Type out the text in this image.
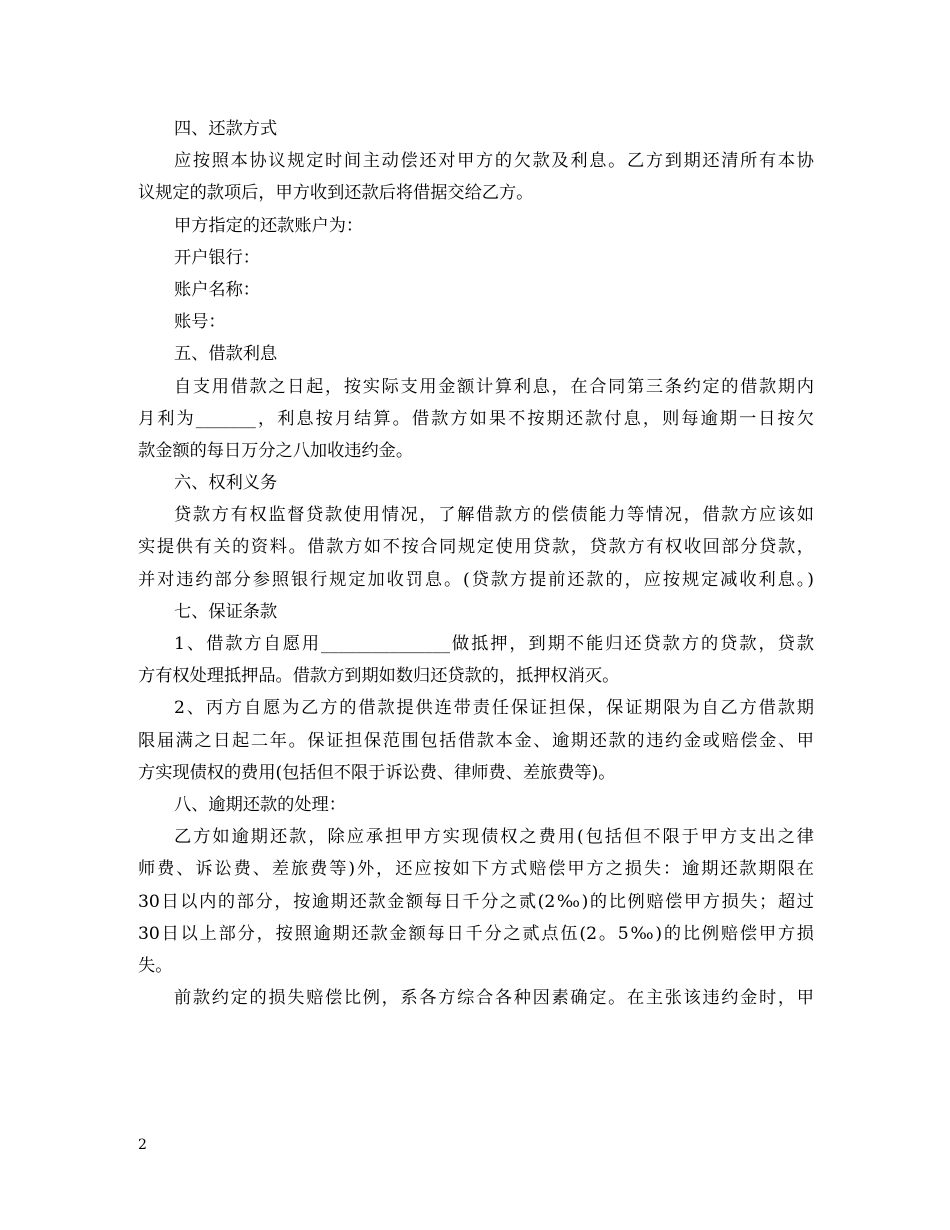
四、还款方式
应按照本协议规定时间主动偿还对甲方的欠款及利息。乙方到期还清所有本协
议规定的款项后，甲方收到还款后将借据交给乙方。
甲方指定的还款账户为：
开户银行：
账户名称：
账号：
五、借款利息
自支用借款之日起，按实际支用金额计算利息，在合同第三条约定的借款期内
月利为_______，利息按月结算。借款方如果不按期还款付息，则每逾期一日按欠
款金额的每日万分之八加收违约金。
六、权利义务
贷款方有权监督贷款使用情况，了解借款方的偿债能力等情况，借款方应该如
实提供有关的资料。借款方如不按合同规定使用贷款，贷款方有权收回部分贷款，
并对违约部分参照银行规定加收罚息。(贷款方提前还款的，应按规定减收利息。)
七、保证条款
1、借款方自愿用_______________做抵押，到期不能归还贷款方的贷款，贷款
方有权处理抵押品。借款方到期如数归还贷款的，抵押权消灭。
2、丙方自愿为乙方的借款提供连带责任保证担保，保证期限为自乙方借款期
限届满之日起二年。保证担保范围包括借款本金、逾期还款的违约金或赔偿金、甲
方实现债权的费用(包括但不限于诉讼费、律师费、差旅费等)。
八、逾期还款的处理：
乙方如逾期还款，除应承担甲方实现债权之费用(包括但不限于甲方支出之律
师费、诉讼费、差旅费等)外，还应按如下方式赔偿甲方之损失：逾期还款期限在
30日以内的部分，按逾期还款金额每日千分之贰(2‰)的比例赔偿甲方损失；超过
30日以上部分，按照逾期还款金额每日千分之贰点伍(2。5‰)的比例赔偿甲方损
失。
前款约定的损失赔偿比例，系各方综合各种因素确定。在主张该违约金时，甲
2
